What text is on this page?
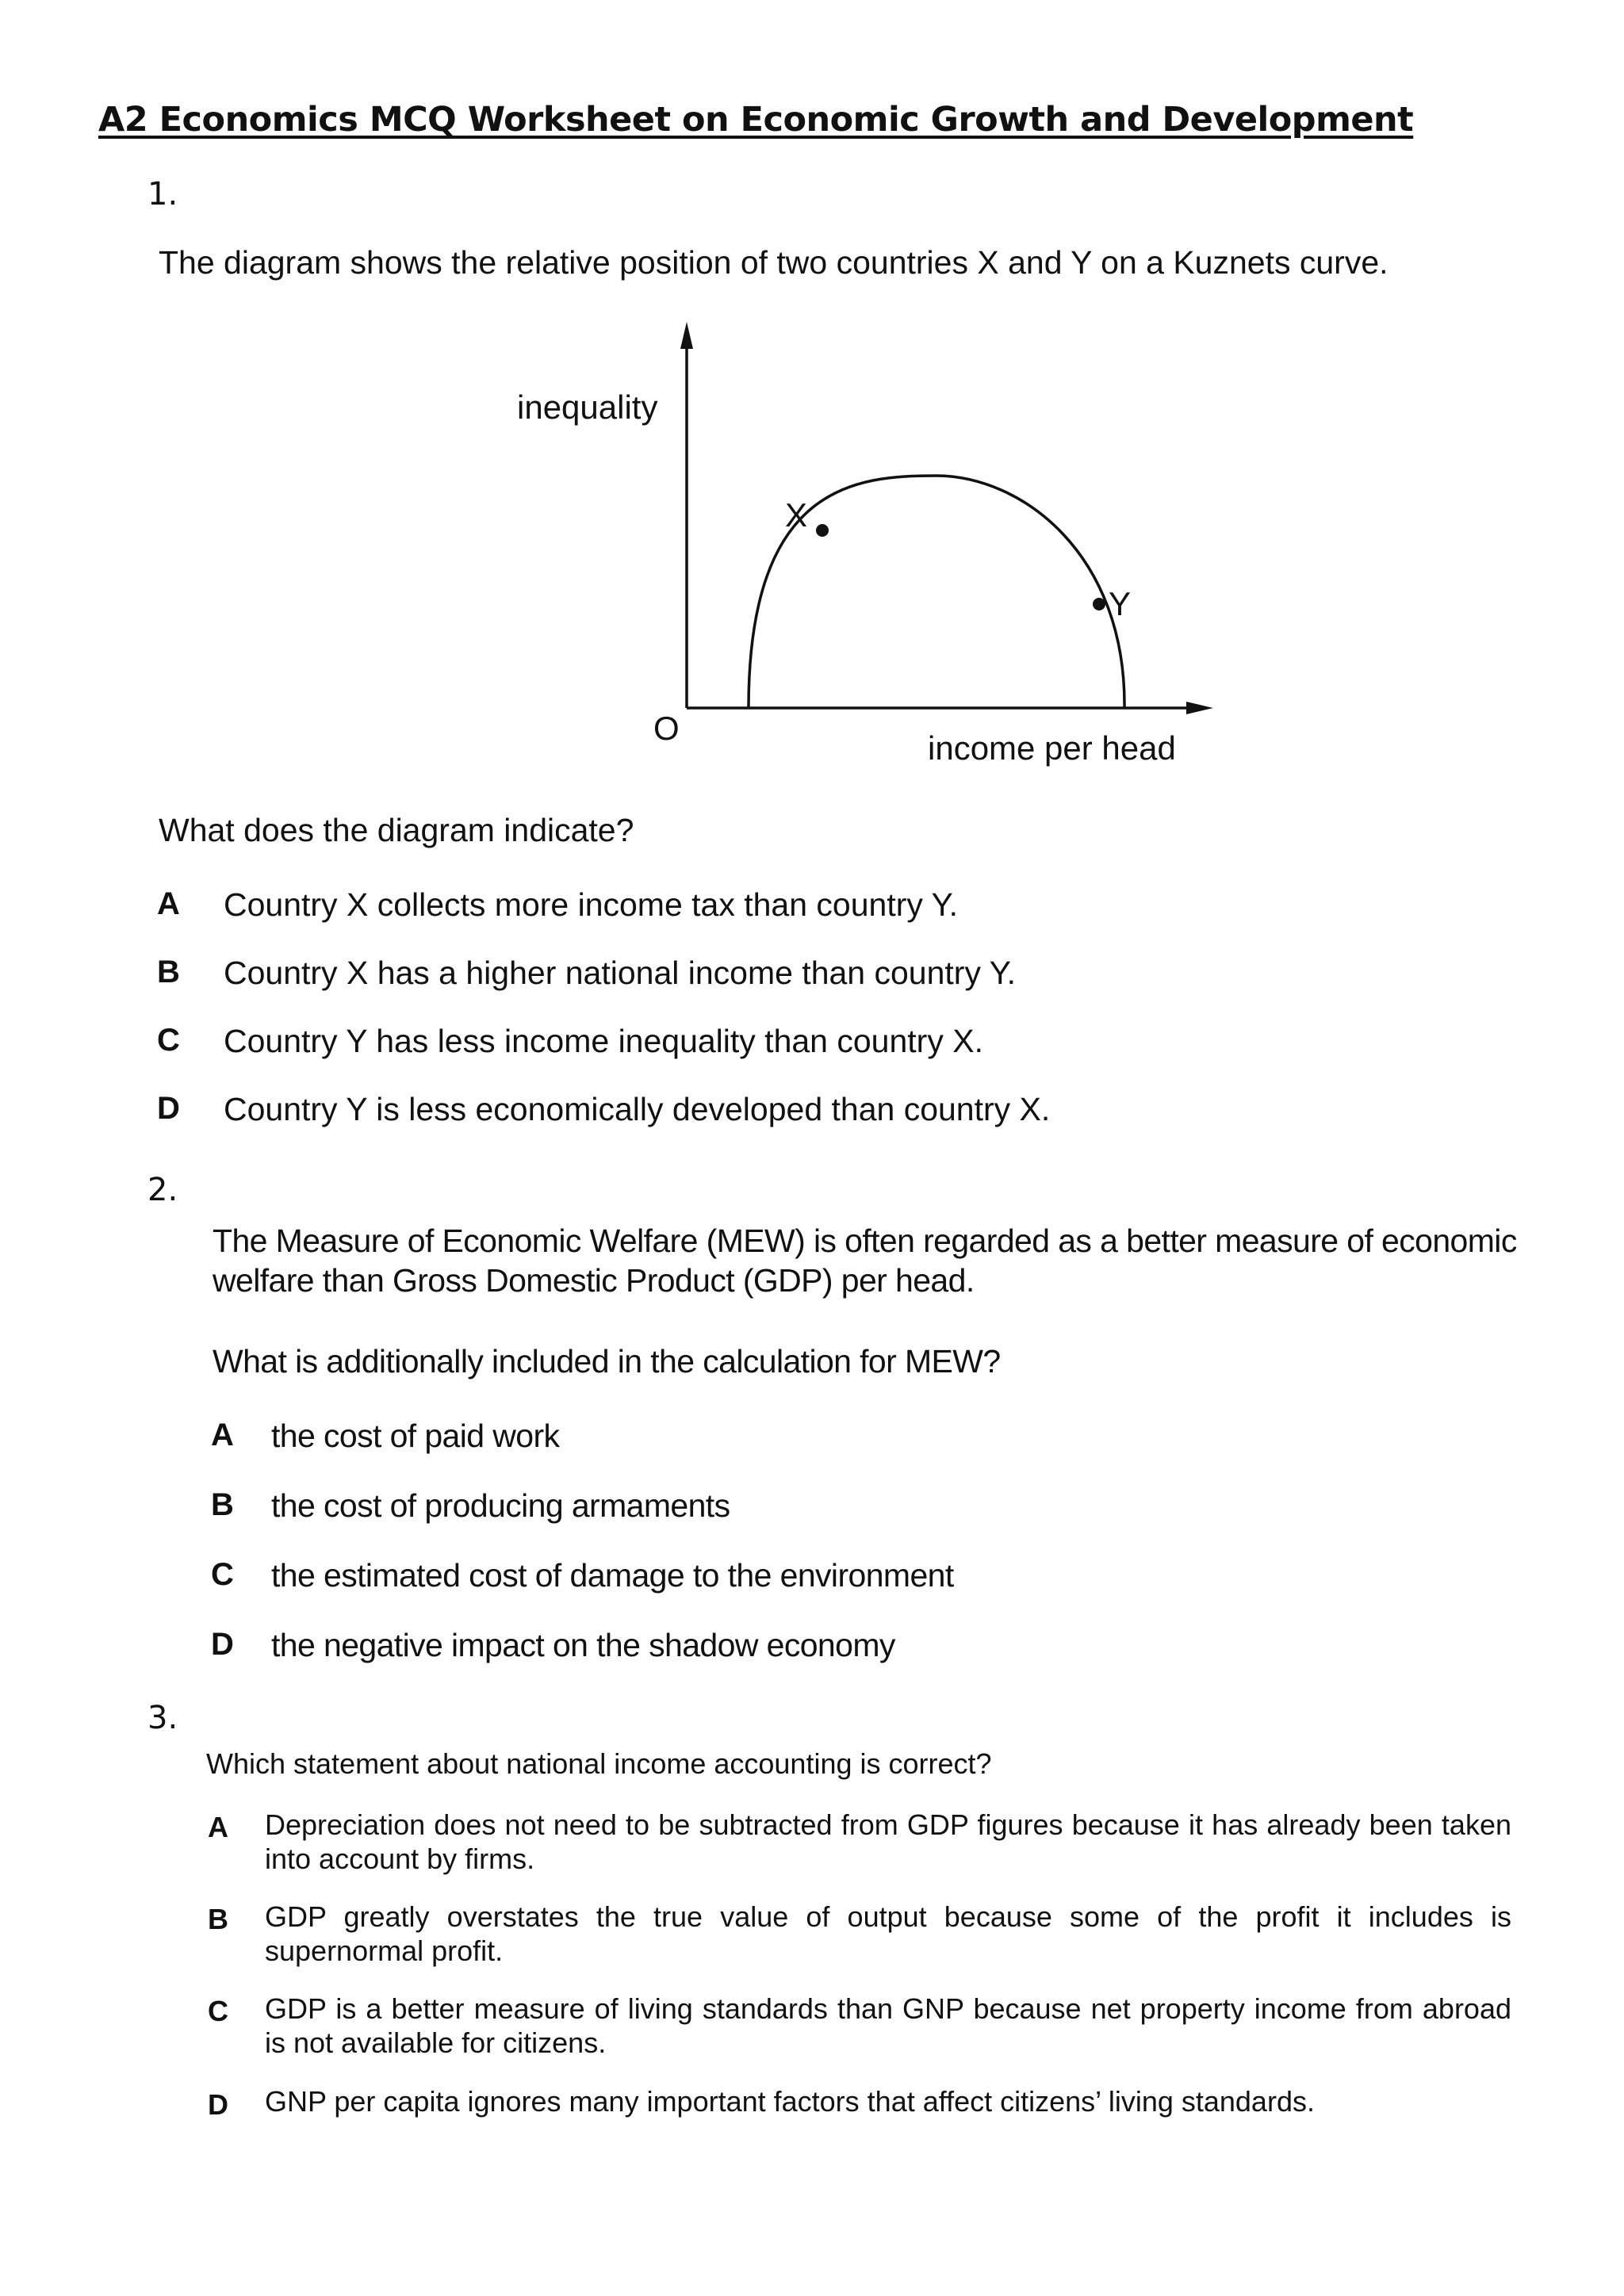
A2 Economics MCQ Worksheet on Economic Growth and Development
1.
The diagram shows the relative position of two countries X and Y on a Kuznets curve.
inequality
income per head
O
X
Y
What does the diagram indicate?
A Country X collects more income tax than country Y.
B Country X has a higher national income than country Y.
C Country Y has less income inequality than country X.
D Country Y is less economically developed than country X.
2.
The Measure of Economic Welfare (MEW) is often regarded as a better measure of economic
welfare than Gross Domestic Product (GDP) per head.
What is additionally included in the calculation for MEW?
A the cost of paid work
B the cost of producing armaments
C the estimated cost of damage to the environment
D the negative impact on the shadow economy
3.
Which statement about national income accounting is correct?
A Depreciation does not need to be subtracted from GDP figures because it has already been taken into account by firms.
B GDP greatly overstates the true value of output because some of the profit it includes is supernormal profit.
C GDP is a better measure of living standards than GNP because net property income from abroad is not available for citizens.
D GNP per capita ignores many important factors that affect citizens’ living standards.
